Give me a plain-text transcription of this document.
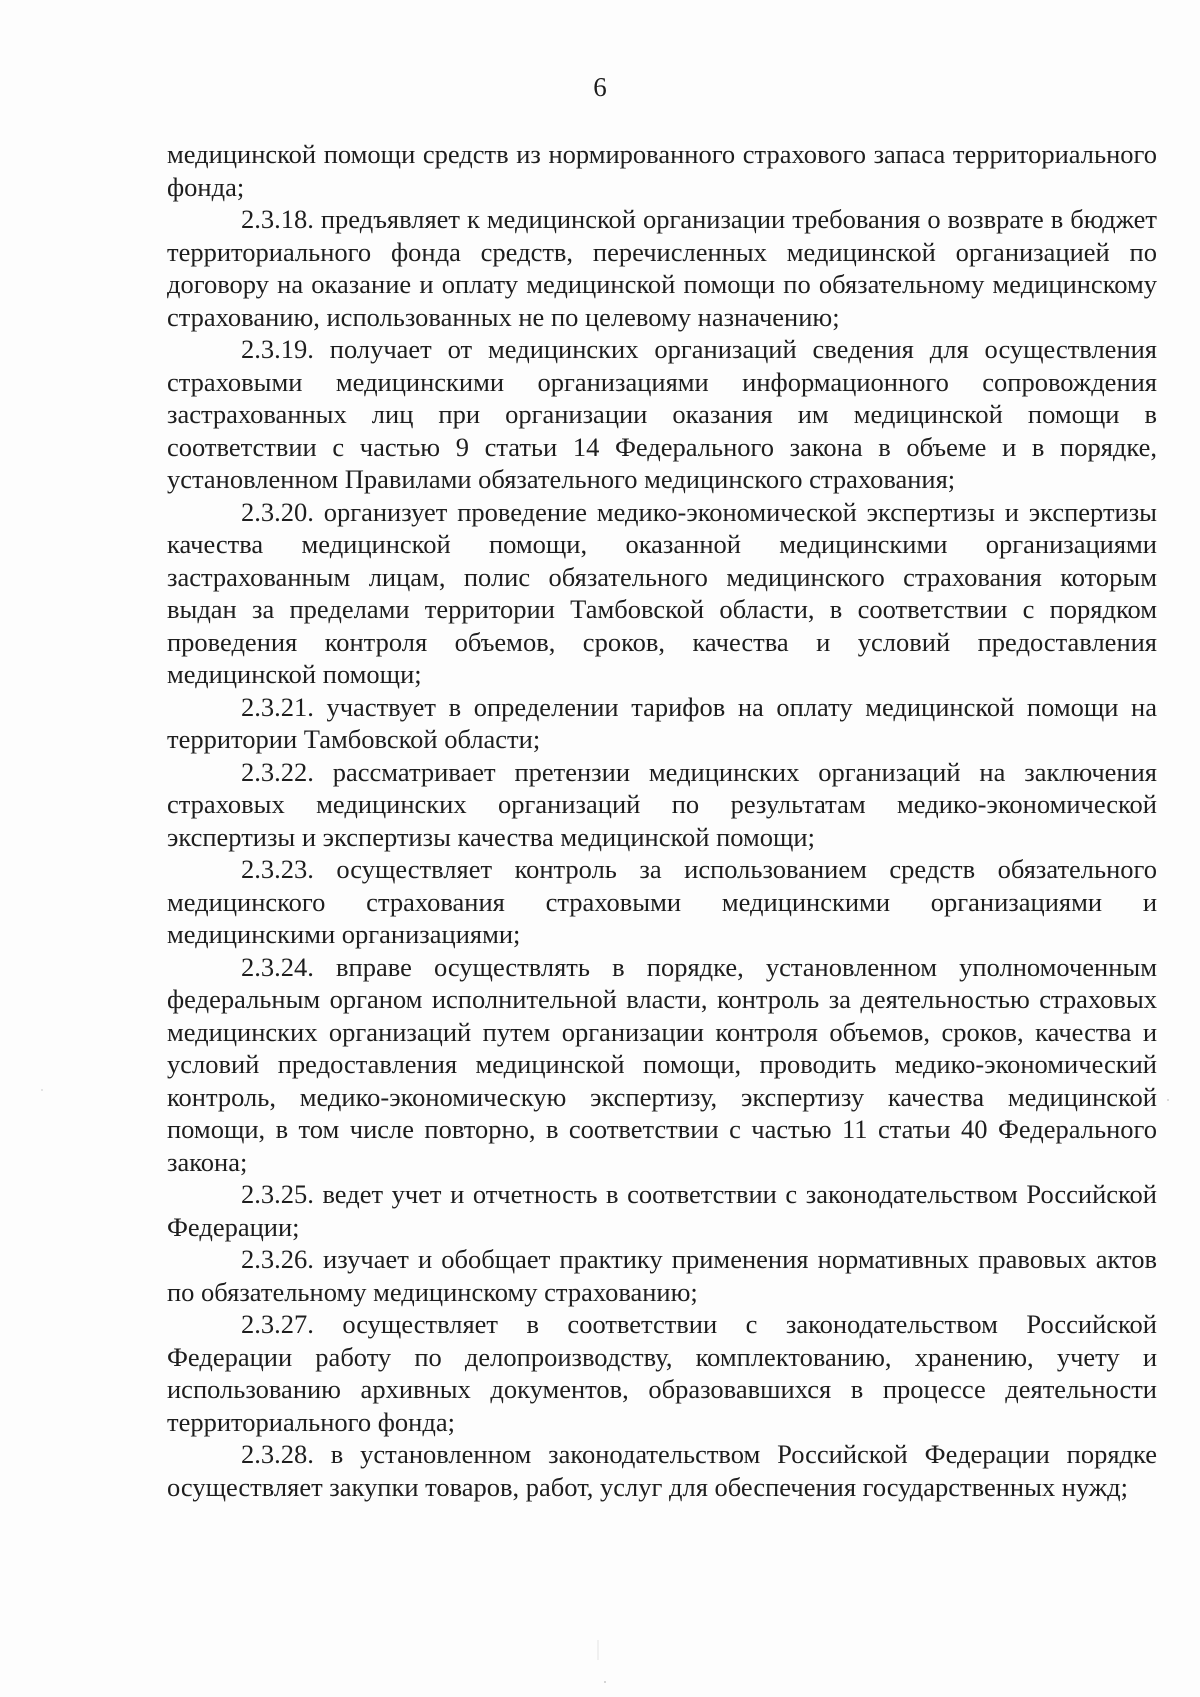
6

медицинской помощи средств из нормированного страхового запаса территориального фонда;

2.3.18. предъявляет к медицинской организации требования о возврате в бюджет территориального фонда средств, перечисленных медицинской организацией по договору на оказание и оплату медицинской помощи по обязательному медицинскому страхованию, использованных не по целевому назначению;

2.3.19. получает от медицинских организаций сведения для осуществления страховыми медицинскими организациями информационного сопровождения застрахованных лиц при организации оказания им медицинской помощи в соответствии с частью 9 статьи 14 Федерального закона в объеме и в порядке, установленном Правилами обязательного медицинского страхования;

2.3.20. организует проведение медико-экономической экспертизы и экспертизы качества медицинской помощи, оказанной медицинскими организациями застрахованным лицам, полис обязательного медицинского страхования которым выдан за пределами территории Тамбовской области, в соответствии с порядком проведения контроля объемов, сроков, качества и условий предоставления медицинской помощи;

2.3.21. участвует в определении тарифов на оплату медицинской помощи на территории Тамбовской области;

2.3.22. рассматривает претензии медицинских организаций на заключения страховых медицинских организаций по результатам медико-экономической экспертизы и экспертизы качества медицинской помощи;

2.3.23. осуществляет контроль за использованием средств обязательного медицинского страхования страховыми медицинскими организациями и медицинскими организациями;

2.3.24. вправе осуществлять в порядке, установленном уполномоченным федеральным органом исполнительной власти, контроль за деятельностью страховых медицинских организаций путем организации контроля объемов, сроков, качества и условий предоставления медицинской помощи, проводить медико-экономический контроль, медико-экономическую экспертизу, экспертизу качества медицинской помощи, в том числе повторно, в соответствии с частью 11 статьи 40 Федерального закона;

2.3.25. ведет учет и отчетность в соответствии с законодательством Российской Федерации;

2.3.26. изучает и обобщает практику применения нормативных правовых актов по обязательному медицинскому страхованию;

2.3.27. осуществляет в соответствии с законодательством Российской Федерации работу по делопроизводству, комплектованию, хранению, учету и использованию архивных документов, образовавшихся в процессе деятельности территориального фонда;

2.3.28. в установленном законодательством Российской Федерации порядке осуществляет закупки товаров, работ, услуг для обеспечения государственных нужд;
